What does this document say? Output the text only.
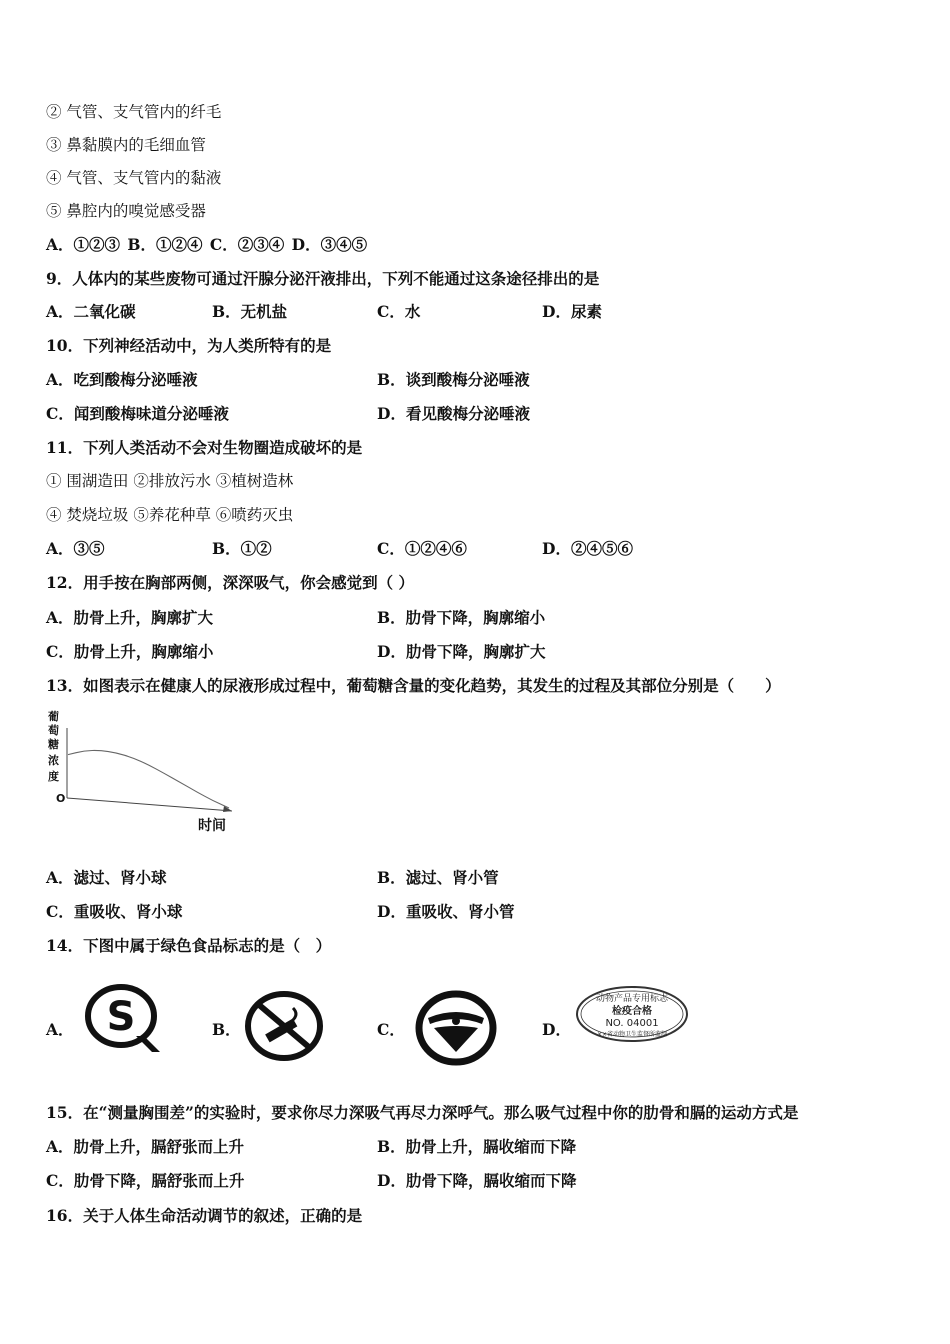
② 气管、支气管内的纤毛
③ 鼻黏膜内的毛细血管
④ 气管、支气管内的黏液
⑤ 鼻腔内的嗅觉感受器
A．①②③ B．①②④ C．②③④ D．③④⑤
9．人体内的某些废物可通过汗腺分泌汗液排出，下列不能通过这条途径排出的是
A．二氧化碳	B．无机盐	C．水	D．尿素
10．下列神经活动中，为人类所特有的是
A．吃到酸梅分泌唾液	B．谈到酸梅分泌唾液
C．闻到酸梅味道分泌唾液	D．看见酸梅分泌唾液
11．下列人类活动不会对生物圈造成破坏的是
① 围湖造田 ②排放污水 ③植树造林
④ 焚烧垃圾 ⑤养花种草 ⑥喷药灭虫
A．③⑤	B．①②	C．①②④⑥	D．②④⑤⑥
12．用手按在胸部两侧，深深吸气，你会感觉到（ ）
A．肋骨上升，胸廓扩大	B．肋骨下降，胸廓缩小
C．肋骨上升，胸廓缩小	D．肋骨下降，胸廓扩大
13．如图表示在健康人的尿液形成过程中，葡萄糖含量的变化趋势，其发生的过程及其部位分别是（　　）
葡
萄
糖
浓
度
O
时间
A．滤过、肾小球	B．滤过、肾小管
C．重吸收、肾小球	D．重吸收、肾小管
14．下图中属于绿色食品标志的是（　）
A． S	B．	C．	D．
动物产品专用标志
检疫合格
NO. 04001
××省动物卫生监督所监制
15．在“测量胸围差”的实验时，要求你尽力深吸气再尽力深呼气。那么吸气过程中你的肋骨和膈的运动方式是
A．肋骨上升，膈舒张而上升	B．肋骨上升，膈收缩而下降
C．肋骨下降，膈舒张而上升	D．肋骨下降，膈收缩而下降
16．关于人体生命活动调节的叙述，正确的是
